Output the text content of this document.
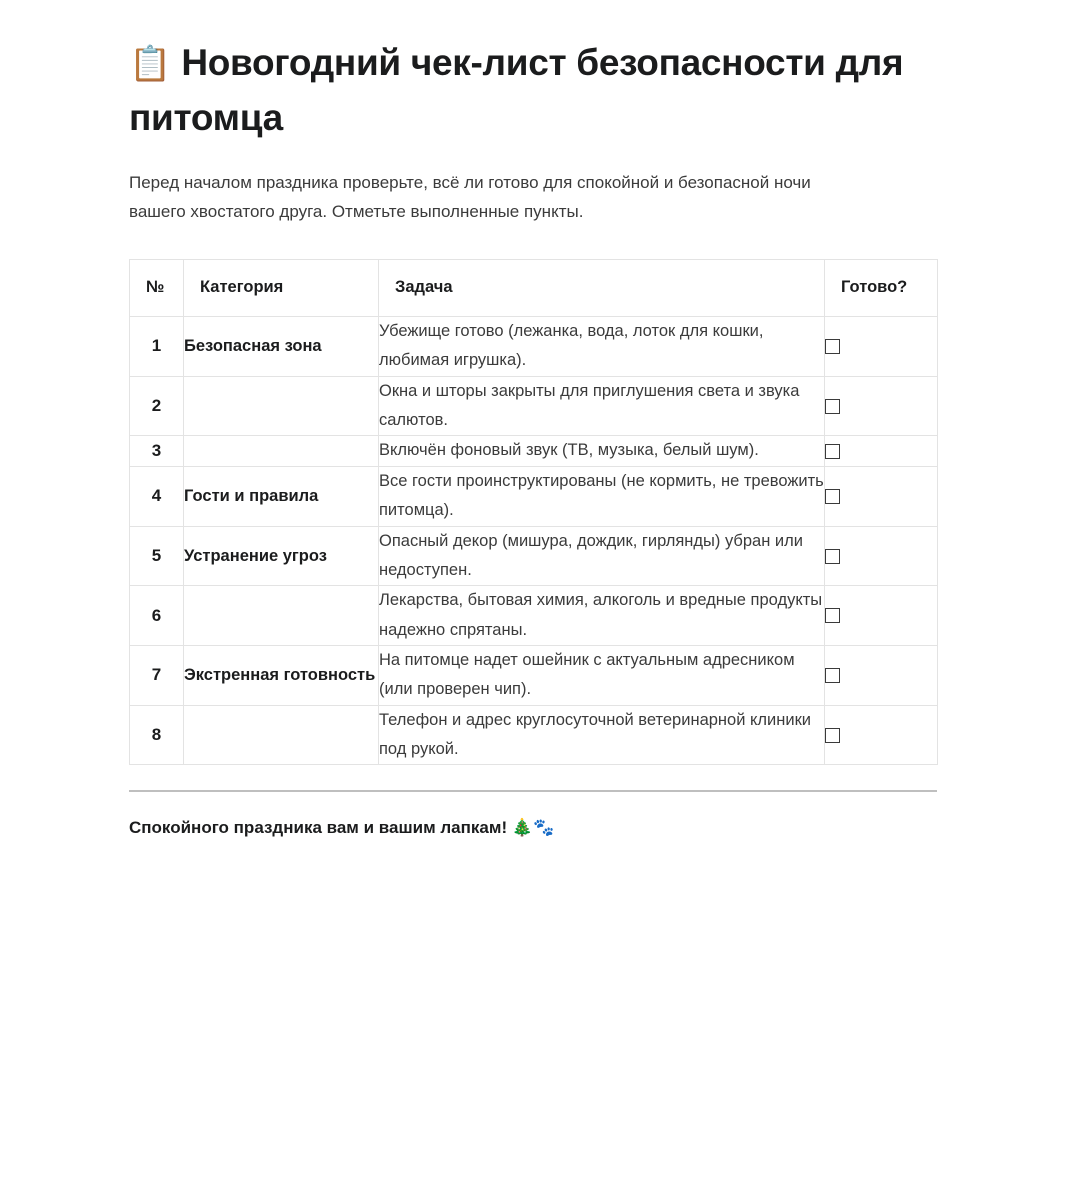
📋 Новогодний чек-лист безопасности для питомца

Перед началом праздника проверьте, всё ли готово для спокойной и безопасной ночи вашего хвостатого друга. Отметьте выполненные пункты.

№	Категория	Задача	Готово?
1	Безопасная зона	Убежище готово (лежанка, вода, лоток для кошки, любимая игрушка).	
2		Окна и шторы закрыты для приглушения света и звука салютов.	
3		Включён фоновый звук (ТВ, музыка, белый шум).	
4	Гости и правила	Все гости проинструктированы (не кормить, не тревожить питомца).	
5	Устранение угроз	Опасный декор (мишура, дождик, гирлянды) убран или недоступен.	
6		Лекарства, бытовая химия, алкоголь и вредные продукты надежно спрятаны.	
7	Экстренная готовность	На питомце надет ошейник с актуальным адресником (или проверен чип).	
8		Телефон и адрес круглосуточной ветеринарной клиники под рукой.	

Спокойного праздника вам и вашим лапкам! 🎄🐾
